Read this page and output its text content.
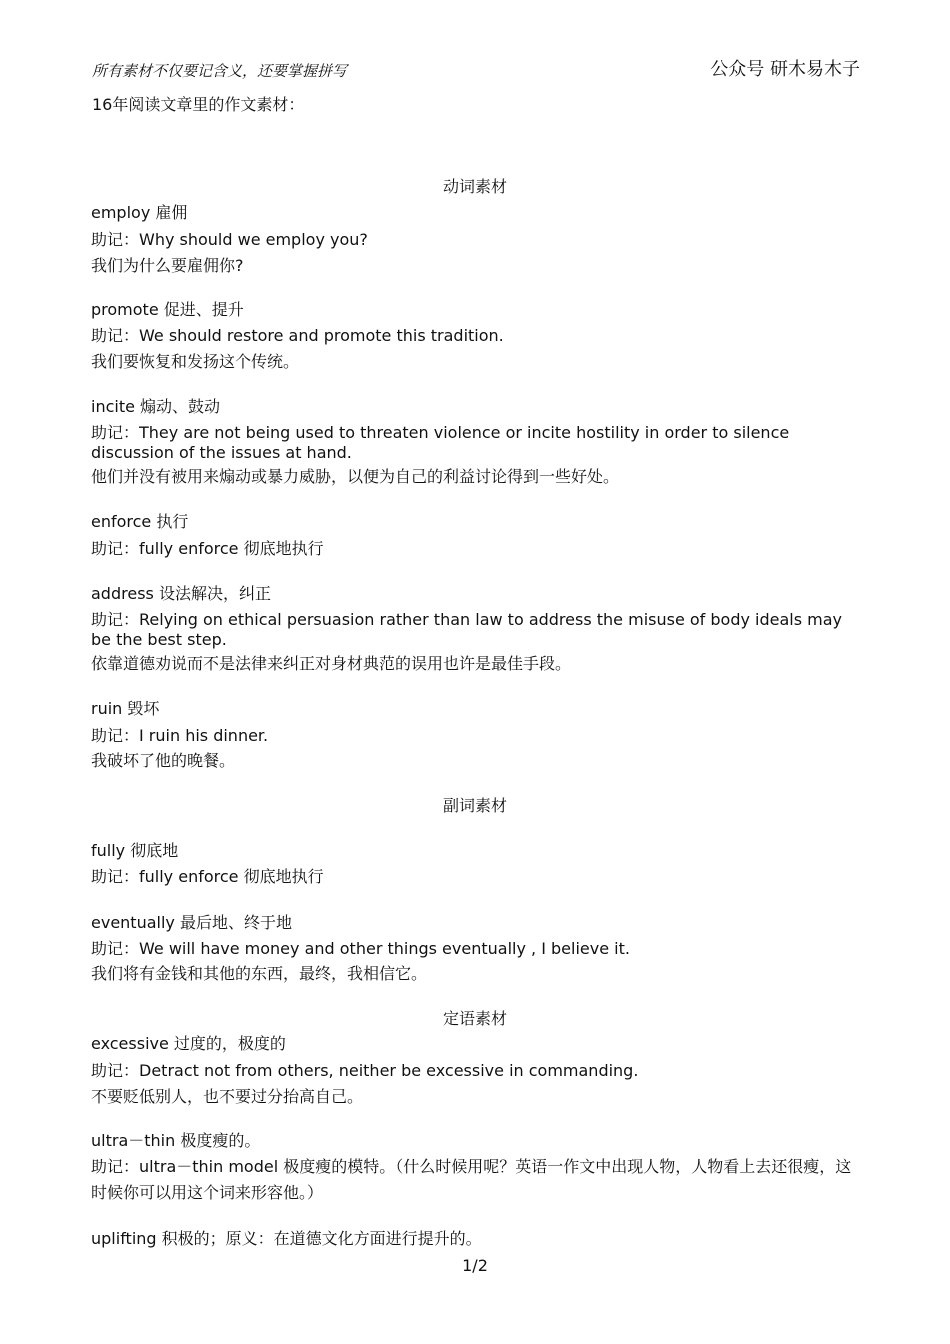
所有素材不仅要记含义，还要掌握拼写	公众号 研木易木子

16年阅读文章里的作文素材：

动词素材

employ 雇佣

助记：Why should we employ you?

我们为什么要雇佣你?

promote 促进、提升

助记：We should restore and promote this tradition.

我们要恢复和发扬这个传统。

incite 煽动、鼓动

助记：They are not being used to threaten violence or incite hostility in order to silence discussion of the issues at hand.

他们并没有被用来煽动或暴力威胁，以便为自己的利益讨论得到一些好处。

enforce 执行

助记：fully enforce 彻底地执行

address 设法解决，纠正

助记：Relying on ethical persuasion rather than law to address the misuse of body ideals may be the best step.

依靠道德劝说而不是法律来纠正对身材典范的误用也许是最佳手段。

ruin 毁坏

助记：I ruin his dinner.

我破坏了他的晚餐。

副词素材

fully 彻底地

助记：fully enforce 彻底地执行

eventually 最后地、终于地

助记：We will have money and other things eventually , I believe it.

我们将有金钱和其他的东西，最终，我相信它。

定语素材

excessive 过度的，极度的

助记：Detract not from others, neither be excessive in commanding.

不要贬低别人，也不要过分抬高自己。

ultra－thin 极度瘦的。

助记：ultra－thin model 极度瘦的模特。（什么时候用呢？英语一作文中出现人物，人物看上去还很瘦，这时候你可以用这个词来形容他。）

uplifting 积极的；原义：在道德文化方面进行提升的。

1/2
